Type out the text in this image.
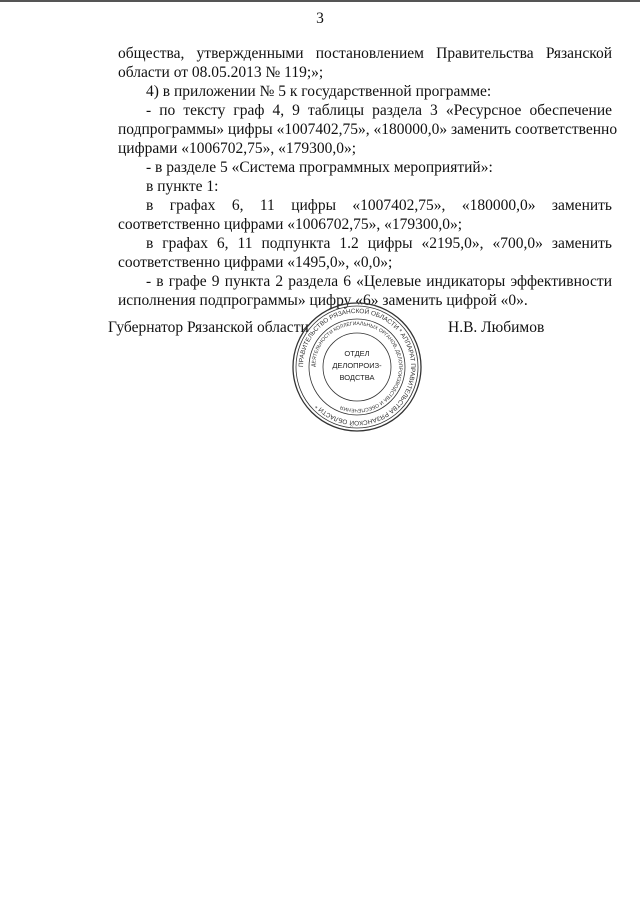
3
общества, утвержденными постановлением Правительства Рязанской
области от 08.05.2013 № 119;»;
4) в приложении № 5 к государственной программе:
- по тексту граф 4, 9 таблицы раздела 3 «Ресурсное обеспечение
подпрограммы» цифры «1007402,75», «180000,0» заменить соответственно
цифрами «1006702,75», «179300,0»;
- в разделе 5 «Система программных мероприятий»:
в пункте 1:
в графах 6, 11 цифры «1007402,75», «180000,0» заменить
соответственно цифрами «1006702,75», «179300,0»;
в графах 6, 11 подпункта 1.2 цифры «2195,0», «700,0» заменить
соответственно цифрами «1495,0», «0,0»;
- в графе 9 пункта 2 раздела 6 «Целевые индикаторы эффективности
исполнения подпрограммы» цифру «6» заменить цифрой «0».
Губернатор Рязанской области	Н.В. Любимов
ПРАВИТЕЛЬСТВО РЯЗАНСКОЙ ОБЛАСТИ * АППАРАТ ПРАВИТЕЛЬСТВА РЯЗАНСКОЙ ОБЛАСТИ *
ДЕЯТЕЛЬНОСТИ КОЛЛЕГИАЛЬНЫХ ОРГАНОВ, ДЕЛОПРОИЗВОДСТВА И ОБЕСПЕЧЕНИЯ
ОТДЕЛ
ДЕЛОПРОИЗ-
ВОДСТВА
